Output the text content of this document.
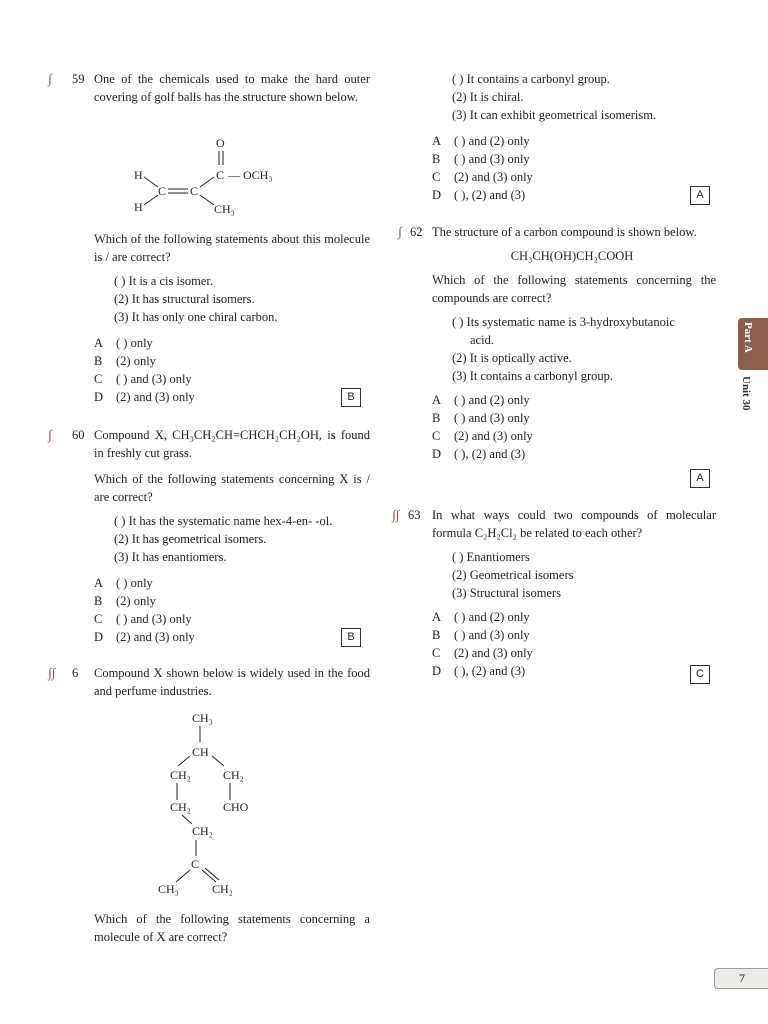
∫	59 One of the chemicals used to make the hard outer covering of golf balls has the structure shown below.
O
C — OCH₃
H
H
C C
CH₃
Which of the following statements about this molecule is / are correct?
( ) It is a cis isomer.
(2) It has structural isomers.
(3) It has only one chiral carbon.
A	( ) only
B	(2) only
C	( ) and (3) only
D	(2) and (3) only	B
∫	60 Compound X, CH₃CH₂CH=CHCH₂CH₂OH, is found in freshly cut grass.
Which of the following statements concerning X is / are correct?
( ) It has the systematic name hex-4-en- -ol.
(2) It has geometrical isomers.
(3) It has enantiomers.
A	( ) only
B	(2) only
C	( ) and (3) only
D	(2) and (3) only	B
∫∫	6	Compound X shown below is widely used in the food and perfume industries.
CH₃
CH
CH₂	CH₂
CH₂	CHO
CH₂
C
CH₃	CH₂
Which of the following statements concerning a molecule of X are correct?
( ) It contains a carbonyl group.
(2) It is chiral.
(3) It can exhibit geometrical isomerism.
A	( ) and (2) only
B	( ) and (3) only
C	(2) and (3) only
D	( ), (2) and (3)	A
∫ 62 The structure of a carbon compound is shown below.
CH₃CH(OH)CH₂COOH
Which of the following statements concerning the compounds are correct?
( ) Its systematic name is 3-hydroxybutanoic
acid.
(2) It is optically active.
(3) It contains a carbonyl group.
A	( ) and (2) only
B	( ) and (3) only
C	(2) and (3) only
D	( ), (2) and (3)
A
∫∫ 63 In what ways could two compounds of molecular formula C₂H₂Cl₂ be related to each other?
( ) Enantiomers
(2) Geometrical isomers
(3) Structural isomers
A	( ) and (2) only
B	( ) and (3) only
C	(2) and (3) only
D	( ), (2) and (3)	C
Part A
Unit 30
7
